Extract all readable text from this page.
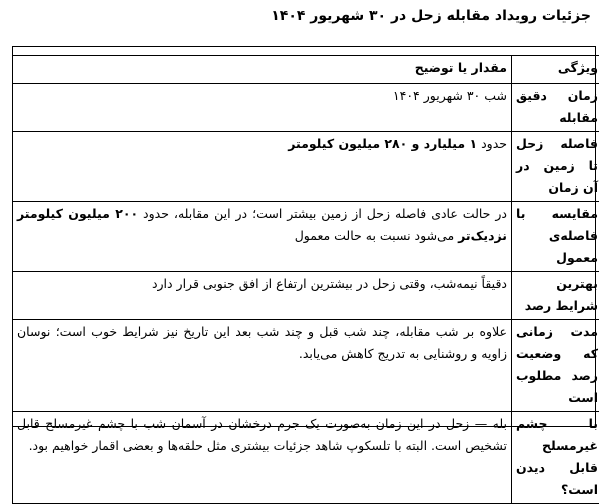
جزئیات رویداد مقابله زحل در ۳۰ شهریور ۱۴۰۴
ویژگی	مقدار یا توضیح
زمان دقیق مقابله	شب ۳۰ شهریور ۱۴۰۴
فاصله زحل تا زمین در آن زمان	حدود ۱ میلیارد و ۲۸۰ میلیون کیلومتر
مقایسه با فاصله‌ی معمول	در حالت عادی فاصله زحل از زمین بیشتر است؛ در این مقابله، حدود ۲۰۰ میلیون کیلومتر نزدیک‌تر می‌شود نسبت به حالت معمول
بهترین شرایط رصد	دقیقاً نیمه‌شب، وقتی زحل در بیشترین ارتفاع از افق جنوبی قرار دارد
مدت زمانی که وضعیت رصد مطلوب است	علاوه بر شب مقابله، چند شب قبل و چند شب بعد این تاریخ نیز شرایط خوب است؛ نوسان زاویه و روشنایی به تدریج کاهش می‌یابد.
با چشم غیرمسلح قابل دیدن است؟	بله — زحل در این زمان به‌صورت یک جرم درخشان در آسمان شب با چشم غیرمسلح قابل تشخیص است. البته با تلسکوپ شاهد جزئیات بیشتری مثل حلقه‌ها و بعضی اقمار خواهیم بود.
